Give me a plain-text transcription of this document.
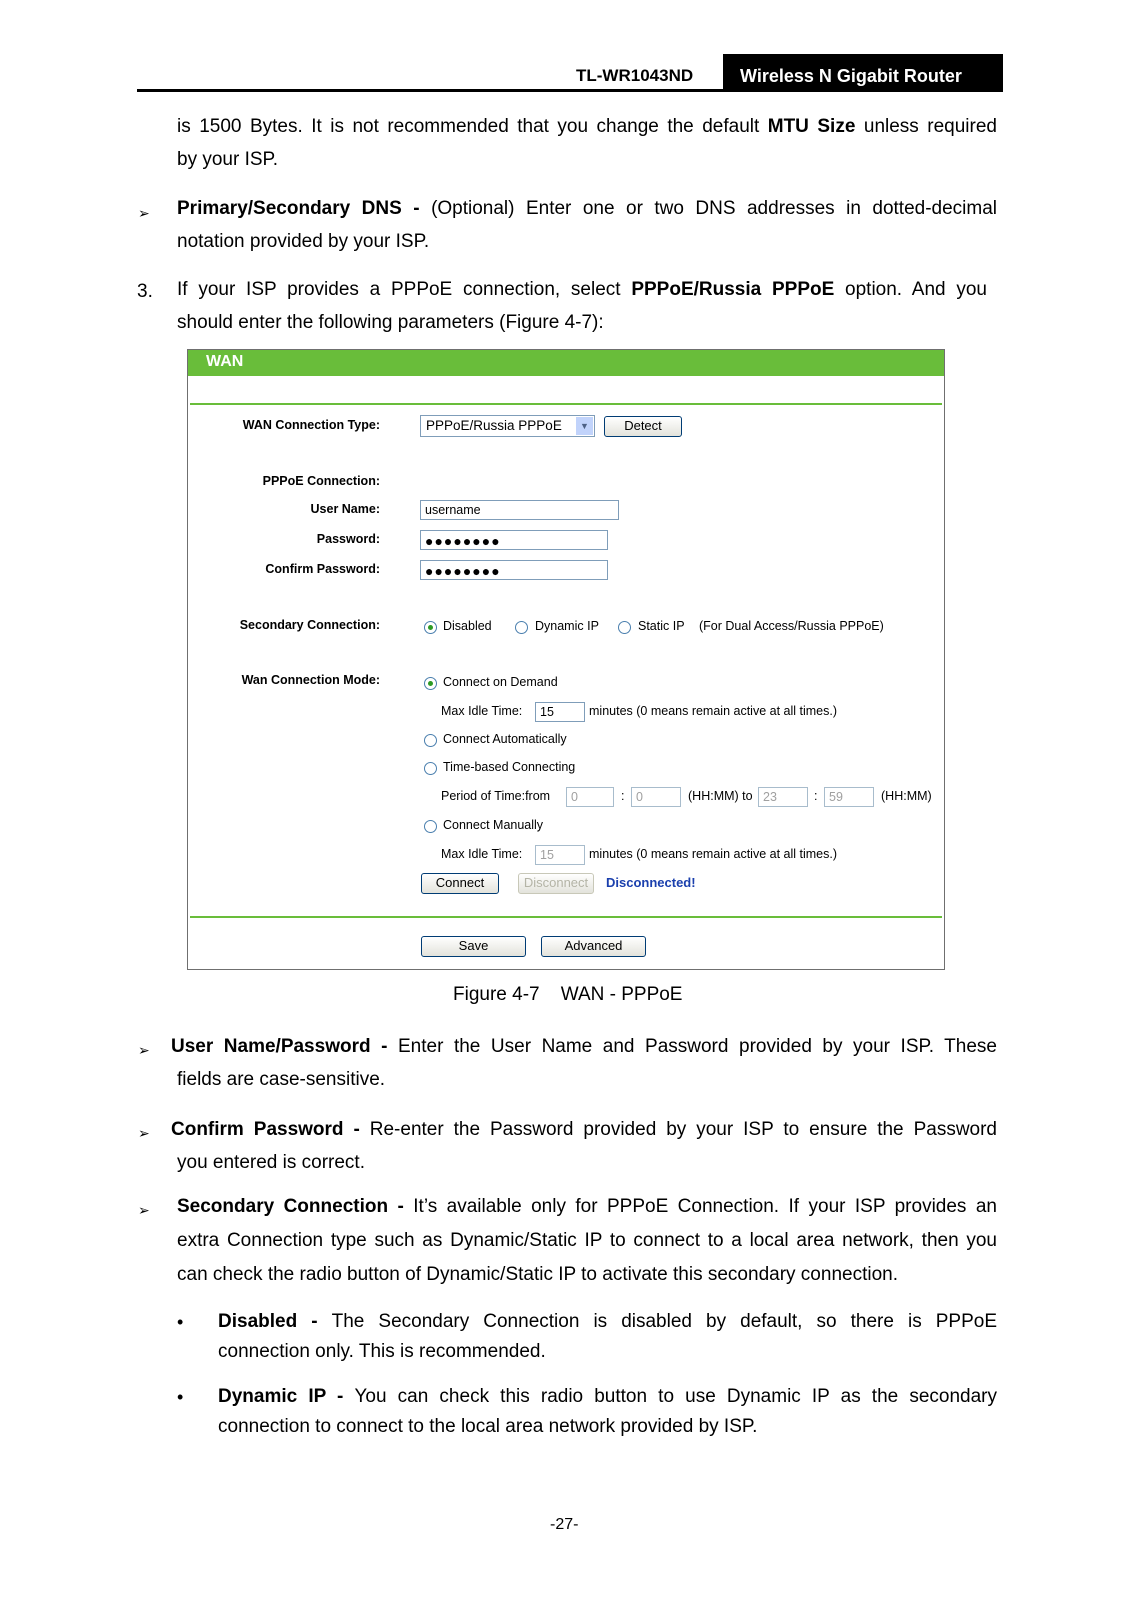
TL-WR1043ND	Wireless N Gigabit Router
is 1500 Bytes. It is not recommended that you change the default MTU Size unless required
by your ISP.
➢ Primary/Secondary DNS - (Optional) Enter one or two DNS addresses in dotted-decimal
notation provided by your ISP.
3. If your ISP provides a PPPoE connection, select PPPoE/Russia PPPoE option. And you
should enter the following parameters (Figure 4-7):
WAN
WAN Connection Type:	PPPoE/Russia PPPoE	▼	Detect
PPPoE Connection:
User Name:	username
Password:	●●●●●●●●
Confirm Password:	●●●●●●●●
Secondary Connection:	Disabled	Dynamic IP	Static IP (For Dual Access/Russia PPPoE)
Wan Connection Mode:	Connect on Demand
Max Idle Time:	15	minutes (0 means remain active at all times.)
Connect Automatically
Time-based Connecting
Period of Time:from	0	: 0	(HH:MM) to 23	: 59	(HH:MM)
Connect Manually
Max Idle Time:	15	minutes (0 means remain active at all times.)
Connect	Disconnect	Disconnected!
Save	Advanced
Figure 4-7    WAN - PPPoE
➢ User Name/Password - Enter the User Name and Password provided by your ISP. These
fields are case-sensitive.
➢ Confirm Password - Re-enter the Password provided by your ISP to ensure the Password
you entered is correct.
➢ Secondary Connection - It’s available only for PPPoE Connection. If your ISP provides an
extra Connection type such as Dynamic/Static IP to connect to a local area network, then you
can check the radio button of Dynamic/Static IP to activate this secondary connection.
• Disabled - The Secondary Connection is disabled by default, so there is PPPoE
connection only. This is recommended.
• Dynamic IP - You can check this radio button to use Dynamic IP as the secondary
connection to connect to the local area network provided by ISP.
-27-
